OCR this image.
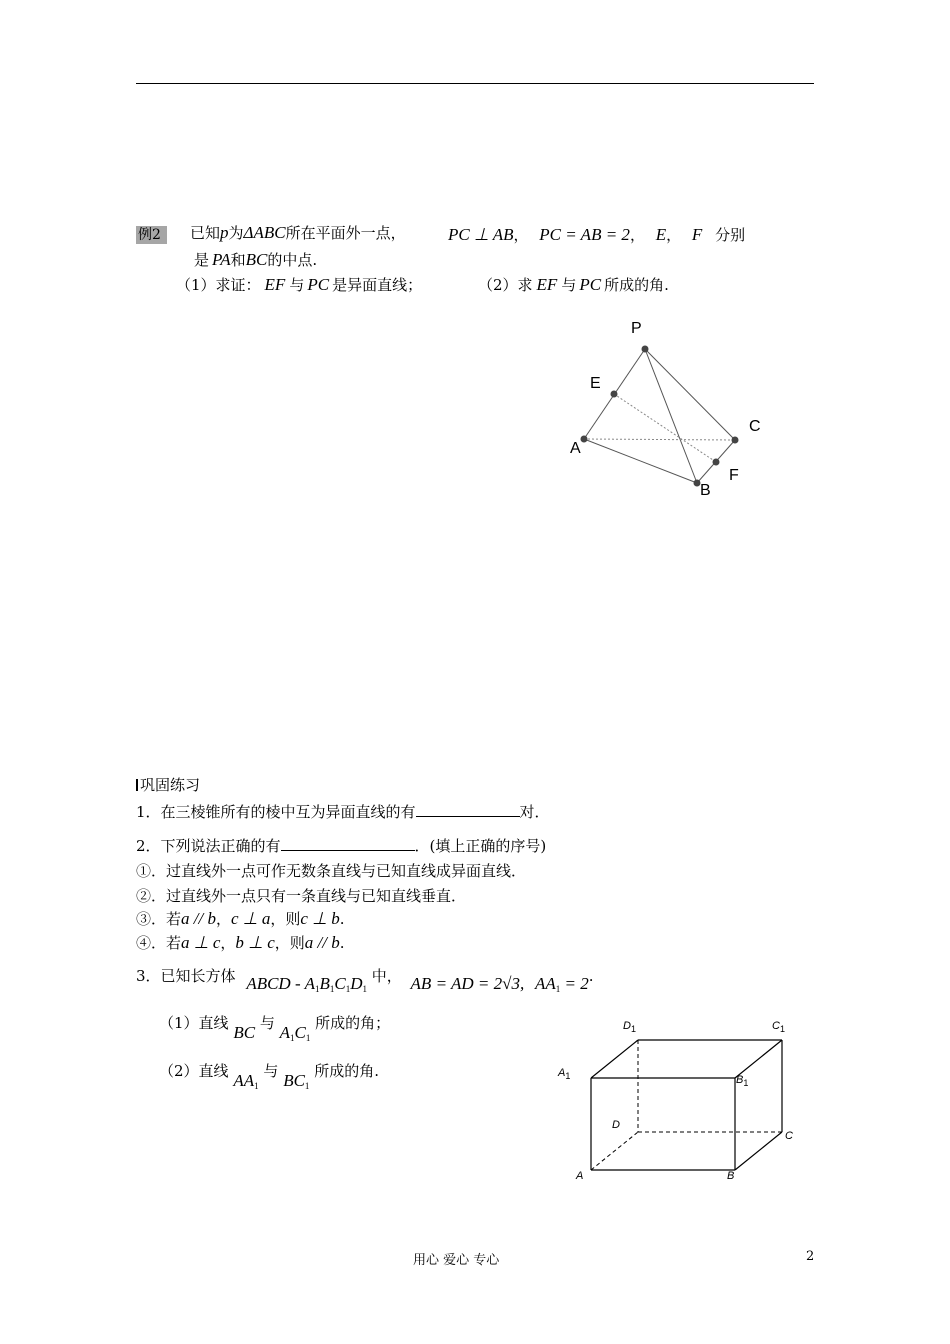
例2	已知p为ΔABC所在平面外一点， PC ⊥ AB， PC = AB = 2， E， F 分别
是 PA和BC的中点.
（1）求证： EF 与 PC 是异面直线；	（2）求 EF 与 PC 所成的角.
P
E
C
A
F
B
巩固练习
1．在三棱锥所有的棱中互为异面直线的有	对．
2．下列说法正确的有	．(填上正确的序号)
①．过直线外一点可作无数条直线与已知直线成异面直线．
②．过直线外一点只有一条直线与已知直线垂直．
③．若a // b，c ⊥ a，则c ⊥ b.
④．若a ⊥ c，b ⊥ c，则a // b.
3．已知长方体 ABCD - $A_1B_1C_1D_1$ 中， AB = AD = 2√3, $AA_1 = 2$.
（1）直线 BC 与 $A_1C_1$ 所成的角；
（2）直线 $AA_1$ 与 $BC_1$ 所成的角.
$D_1$	$C_1$
$A_1$	$B_1$
D
C
A	B
用心 爱心 专心	2
